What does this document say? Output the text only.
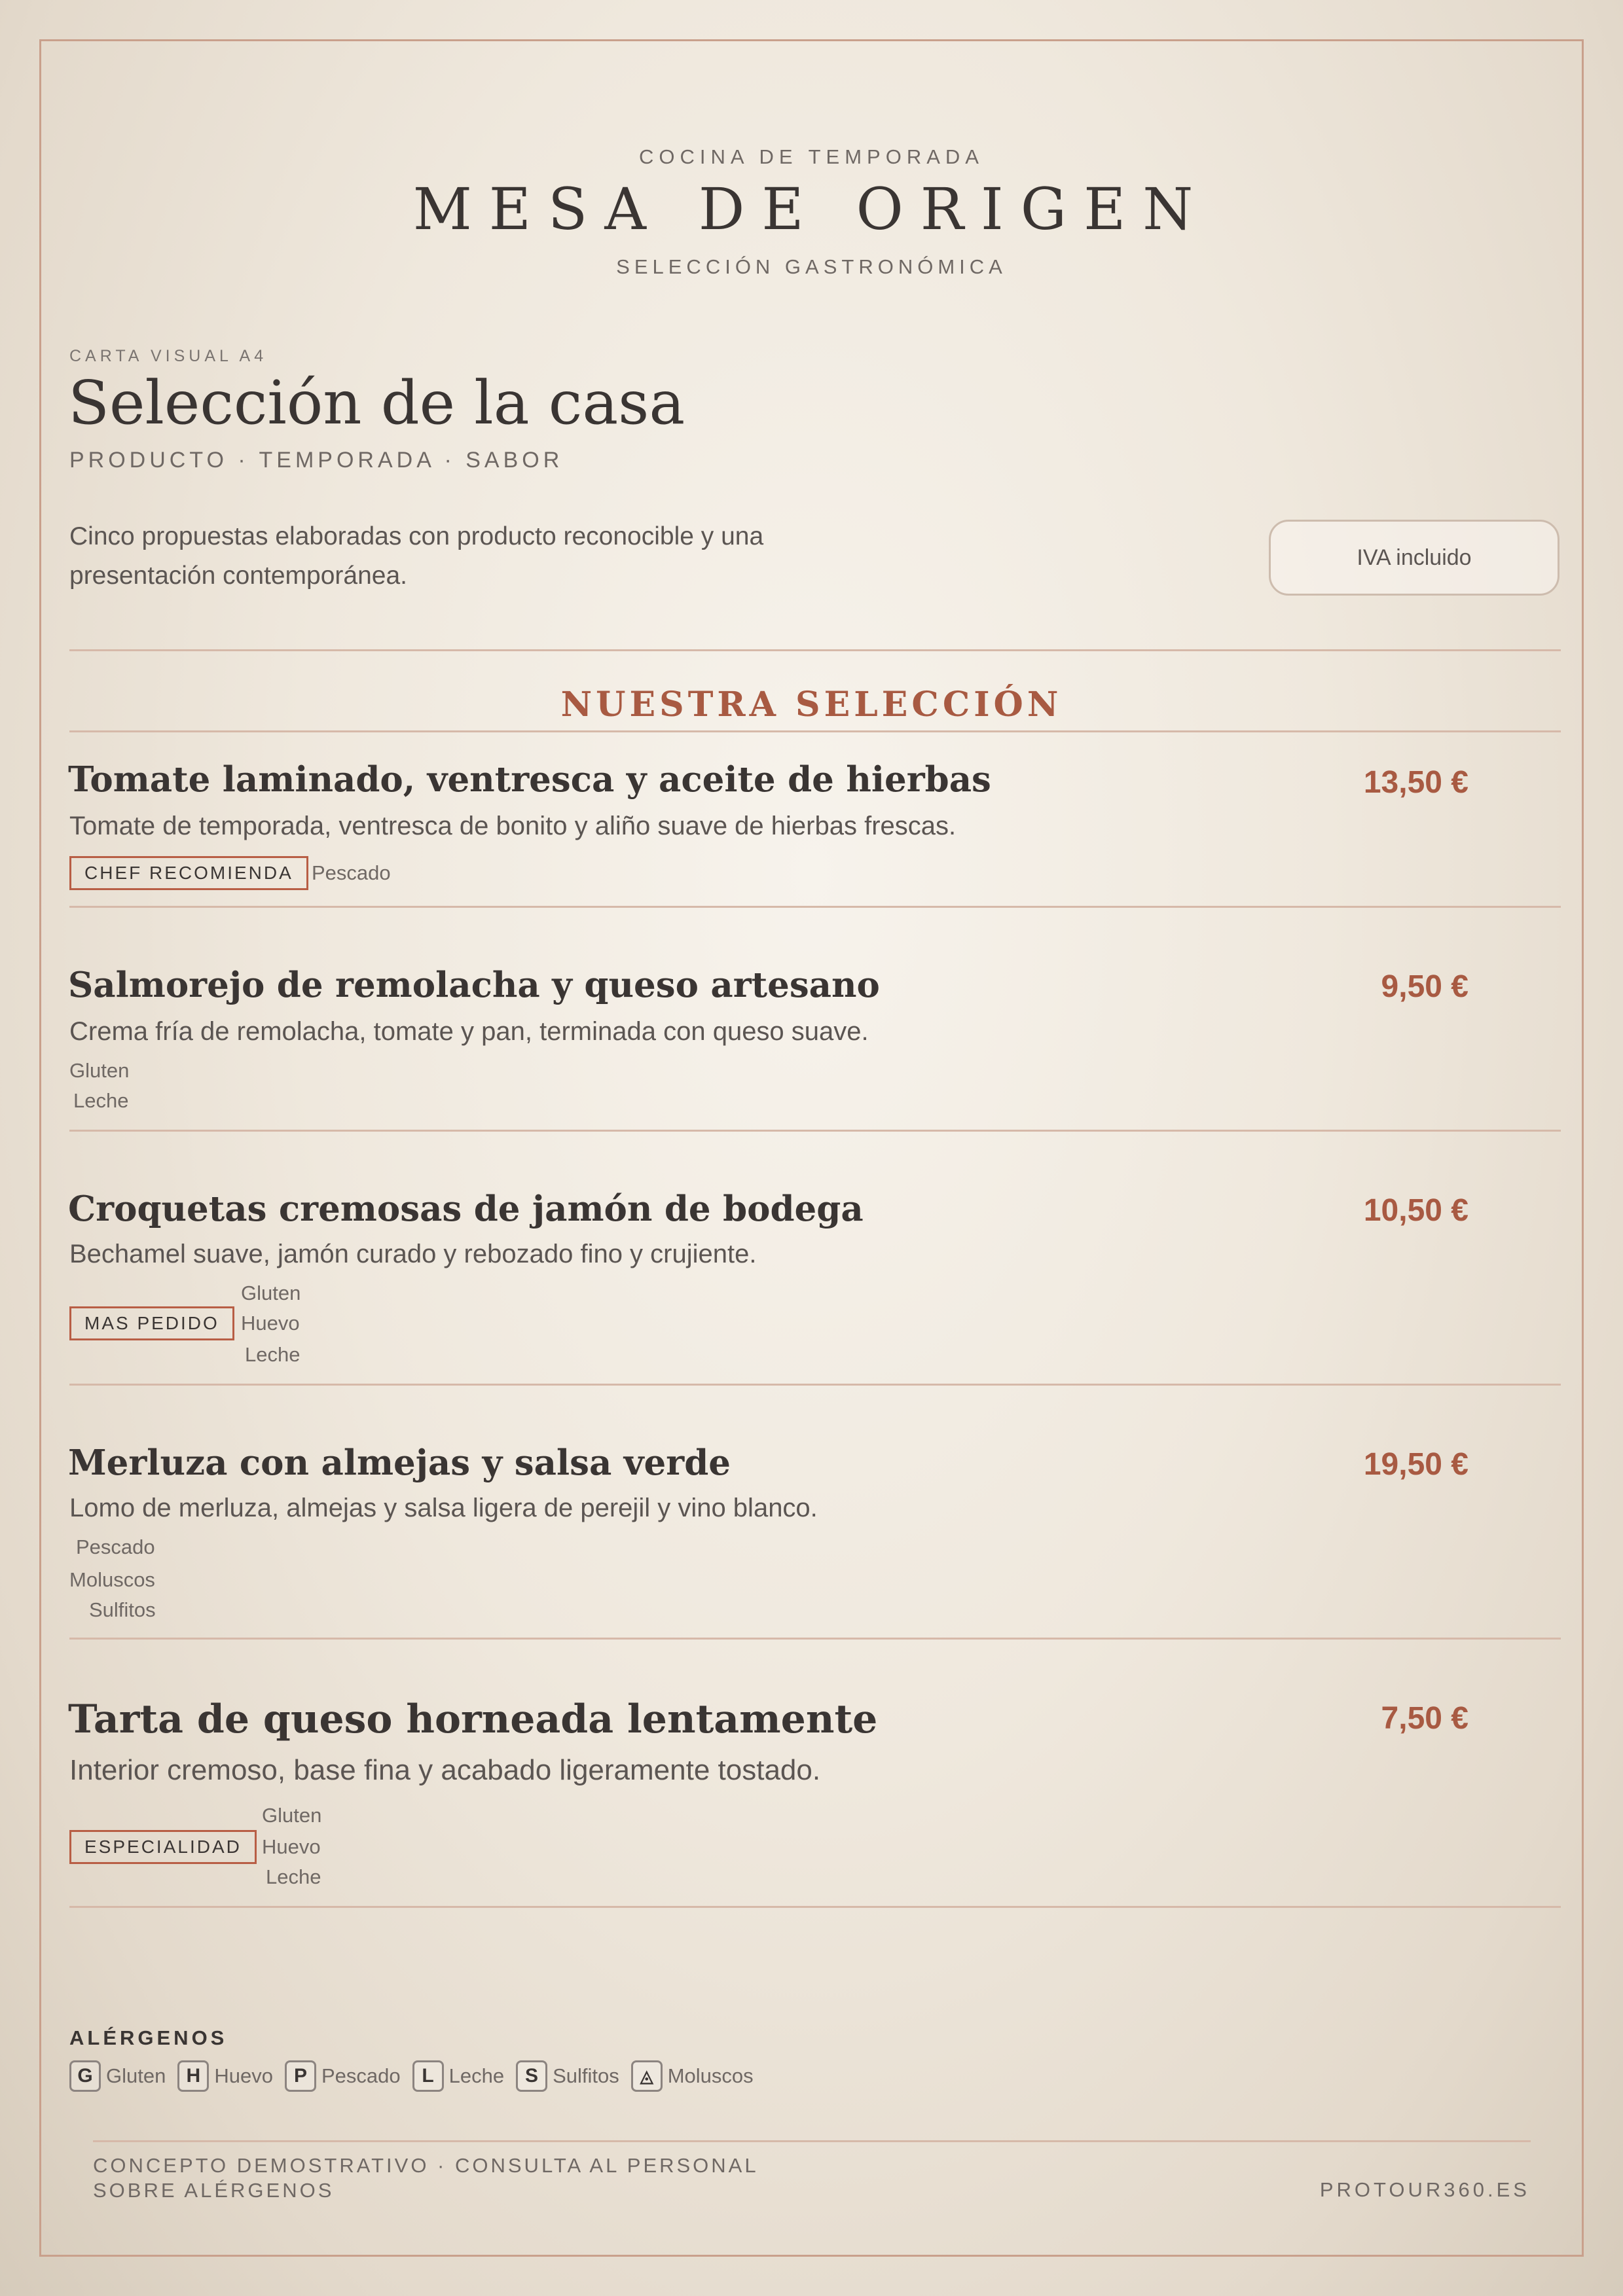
COCINA DE TEMPORADA
MESA DE ORIGEN
SELECCIÓN GASTRONÓMICA
CARTA VISUAL A4
Selección de la casa
PRODUCTO · TEMPORADA · SABOR
Cinco propuestas elaboradas con producto reconocible y una
presentación contemporánea.
IVA incluido
NUESTRA SELECCIÓN
Tomate laminado, ventresca y aceite de hierbas	13,50 €
Tomate de temporada, ventresca de bonito y aliño suave de hierbas frescas.
CHEF RECOMIENDA Pescado
Salmorejo de remolacha y queso artesano	9,50 €
Crema fría de remolacha, tomate y pan, terminada con queso suave.
Gluten
Leche
Croquetas cremosas de jamón de bodega	10,50 €
Bechamel suave, jamón curado y rebozado fino y crujiente.
Gluten
MAS PEDIDO	Huevo
Leche
Merluza con almejas y salsa verde	19,50 €
Lomo de merluza, almejas y salsa ligera de perejil y vino blanco.
Pescado
Moluscos
Sulfitos
Tarta de queso horneada lentamente	7,50 €
Interior cremoso, base fina y acabado ligeramente tostado.
Gluten
ESPECIALIDAD	Huevo
Leche
ALÉRGENOS
G Gluten	H Huevo	P Pescado	L Leche	S Sulfitos	◬ Moluscos
CONCEPTO DEMOSTRATIVO · CONSULTA AL PERSONAL
SOBRE ALÉRGENOS	PROTOUR360.ES
